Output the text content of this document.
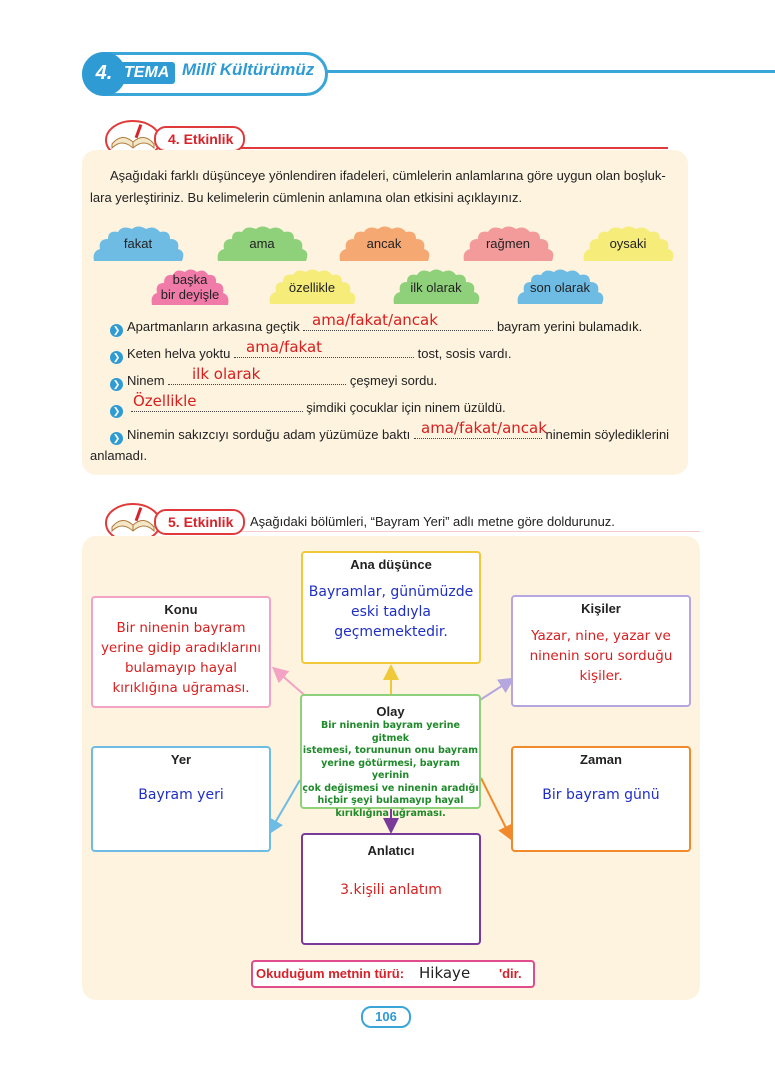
4. TEMA Millî Kültürümüz
4. Etkinlik
Aşağıdaki farklı düşünceye yönlendiren ifadeleri, cümlelerin anlamlarına göre uygun olan boşluk-
lara yerleştiriniz. Bu kelimelerin cümlenin anlamına olan etkisini açıklayınız.
fakat	ama	ancak	rağmen	oysaki
başka
bir deyişle	özellikle	ilk olarak	son olarak
❯ Apartmanların arkasına geçtik	bayram yerini bulamadık.
ama/fakat/ancak
❯ Keten helva yoktu	tost, sosis vardı.
ama/fakat
❯ Ninem	çeşmeyi sordu.
ilk olarak
❯	şimdiki çocuklar için ninem üzüldü.
Özellikle
❯ Ninemin sakızcıyı sorduğu adam yüzümüze baktı	ninemin söylediklerini
ama/fakat/ancak
anlamadı.
5. Etkinlik	Aşağıdaki bölümleri, “Bayram Yeri” adlı metne göre doldurunuz.
Ana düşünce
Bayramlar, günümüzde
eski tadıyla
geçmemektedir.
Konu
Bir ninenin bayram
yerine gidip aradıklarını
bulamayıp hayal
kırıklığına uğraması.
Kişiler
Yazar, nine, yazar ve
ninenin soru sorduğu
kişiler.
Olay
Bir ninenin bayram yerine gitmek
istemesi, torununun onu bayram
yerine götürmesi, bayram yerinin
çok değişmesi ve ninenin aradığı
hiçbir şeyi bulamayıp hayal
kırıklığına uğraması.
Yer
Bayram yeri
Zaman
Bir bayram günü
Anlatıcı
3.kişili anlatım
Okuduğum metnin türü: Hikaye 'dir.
106
